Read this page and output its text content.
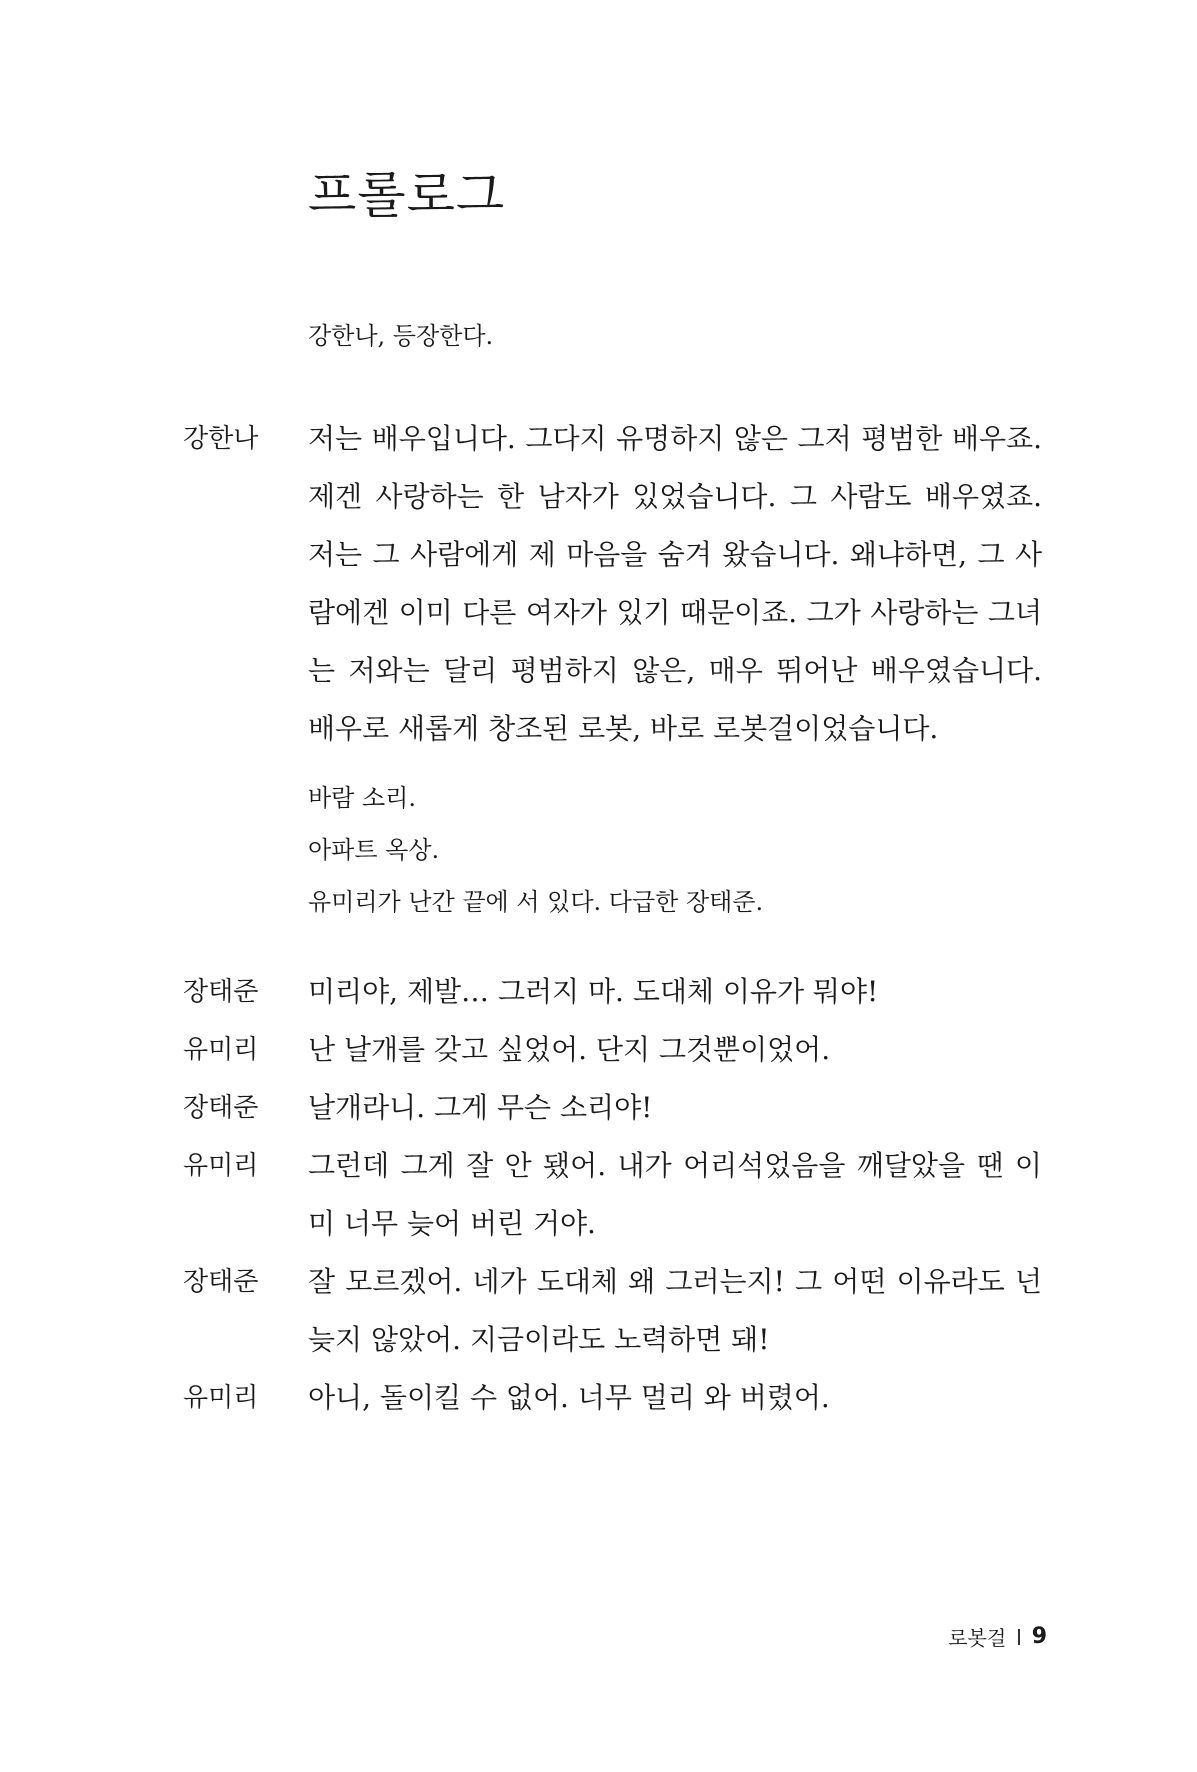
프롤로그

강한나, 등장한다.

강한나	저는 배우입니다. 그다지 유명하지 않은 그저 평범한 배우죠. 제겐 사랑하는 한 남자가 있었습니다. 그 사람도 배우였죠. 저는 그 사람에게 제 마음을 숨겨 왔습니다. 왜냐하면, 그 사람에겐 이미 다른 여자가 있기 때문이죠. 그가 사랑하는 그녀는 저와는 달리 평범하지 않은, 매우 뛰어난 배우였습니다. 배우로 새롭게 창조된 로봇, 바로 로봇걸이었습니다.

바람 소리.

아파트 옥상.

유미리가 난간 끝에 서 있다. 다급한 장태준.

장태준	미리야, 제발… 그러지 마. 도대체 이유가 뭐야!
유미리	난 날개를 갖고 싶었어. 단지 그것뿐이었어.
장태준	날개라니. 그게 무슨 소리야!
유미리	그런데 그게 잘 안 됐어. 내가 어리석었음을 깨달았을 땐 이미 너무 늦어 버린 거야.
장태준	잘 모르겠어. 네가 도대체 왜 그러는지! 그 어떤 이유라도 넌 늦지 않았어. 지금이라도 노력하면 돼!
유미리	아니, 돌이킬 수 없어. 너무 멀리 와 버렸어.
로봇걸 9
